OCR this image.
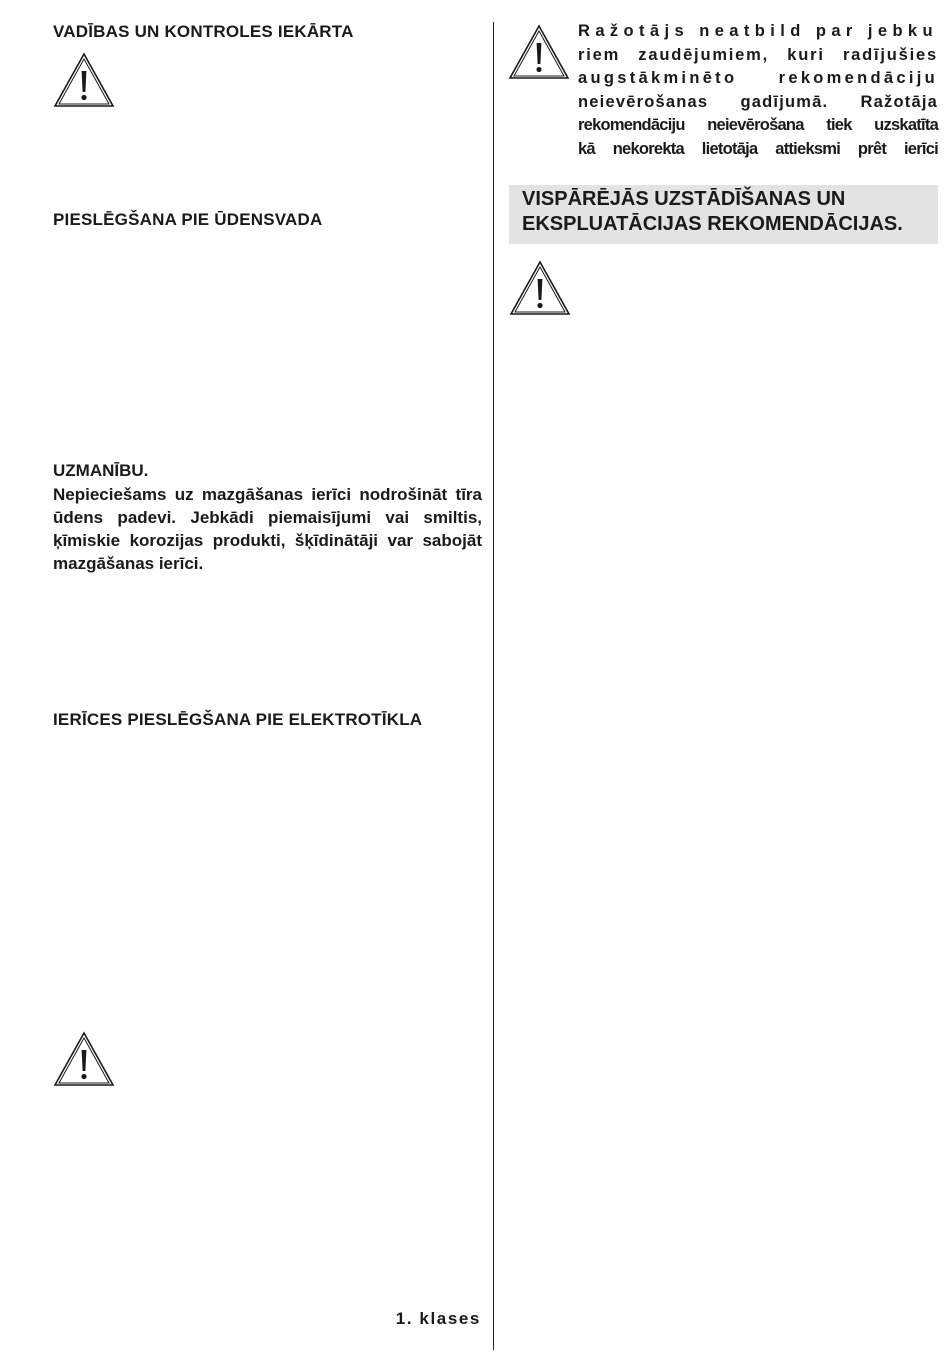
VADĪBAS UN KONTROLES IEKĀRTA
PIESLĒGŠANA PIE ŪDENSVADA
UZMANĪBU.

Nepieciešams uz mazgāšanas ierīci nodrošināt tīra ūdens padevi. Jebkādi piemaisījumi vai smiltis, ķīmiskie korozijas produkti, šķīdinātāji var sabojāt mazgāšanas ierīci.

IERĪCES PIESLĒGŠANA PIE ELEKTROTĪKLA

1. klases

Ražotājs neatbild par jebku
riem zaudējumiem, kuri radījušies
augstākminēto rekomendāciju
neievērošanas gadījumā. Ražotāja
rekomendāciju neievērošana tiek uzskatīta
kā nekorekta lietotāja attieksmi prêt ierīci
VISPĀRĒJĀS UZSTĀDĪŠANAS UN
EKSPLUATĀCIJAS REKOMENDĀCIJAS.
